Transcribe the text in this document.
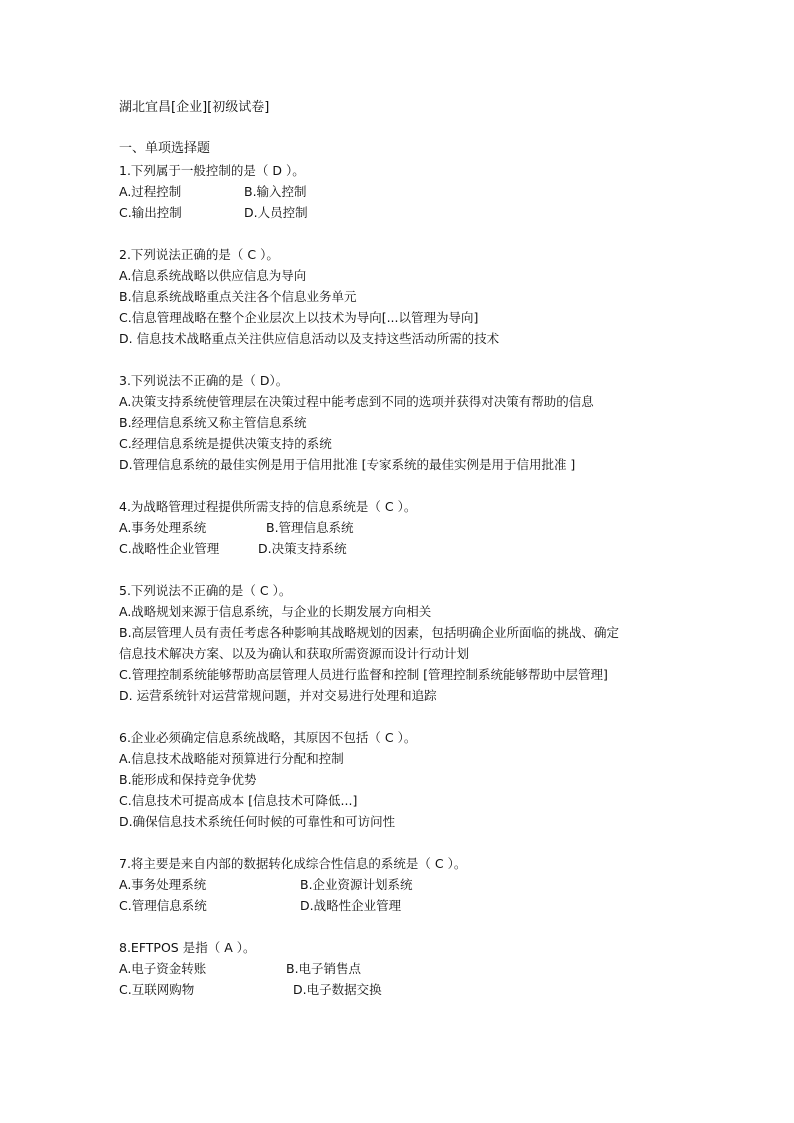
湖北宜昌[企业][初级试卷]
一、单项选择题
1.下列属于一般控制的是（ D ）。
A.过程控制	B.输入控制
C.输出控制	D.人员控制
2.下列说法正确的是（ C ）。
A.信息系统战略以供应信息为导向
B.信息系统战略重点关注各个信息业务单元
C.信息管理战略在整个企业层次上以技术为导向[...以管理为导向]
D. 信息技术战略重点关注供应信息活动以及支持这些活动所需的技术
3.下列说法不正确的是（ D）。
A.决策支持系统使管理层在决策过程中能考虑到不同的选项并获得对决策有帮助的信息
B.经理信息系统又称主管信息系统
C.经理信息系统是提供决策支持的系统
D.管理信息系统的最佳实例是用于信用批准 [专家系统的最佳实例是用于信用批准 ]
4.为战略管理过程提供所需支持的信息系统是（ C ）。
A.事务处理系统	B.管理信息系统
C.战略性企业管理	D.决策支持系统
5.下列说法不正确的是（ C ）。
A.战略规划来源于信息系统，与企业的长期发展方向相关
B.高层管理人员有责任考虑各种影响其战略规划的因素，包括明确企业所面临的挑战、确定
信息技术解决方案、以及为确认和获取所需资源而设计行动计划
C.管理控制系统能够帮助高层管理人员进行监督和控制 [管理控制系统能够帮助中层管理]
D. 运营系统针对运营常规问题，并对交易进行处理和追踪
6.企业必须确定信息系统战略，其原因不包括（ C ）。
A.信息技术战略能对预算进行分配和控制
B.能形成和保持竞争优势
C.信息技术可提高成本 [信息技术可降低...]
D.确保信息技术系统任何时候的可靠性和可访问性
7.将主要是来自内部的数据转化成综合性信息的系统是（ C ）。
A.事务处理系统	B.企业资源计划系统
C.管理信息系统	D.战略性企业管理
8.EFTPOS 是指（ A ）。
A.电子资金转账	B.电子销售点
C.互联网购物	D.电子数据交换
